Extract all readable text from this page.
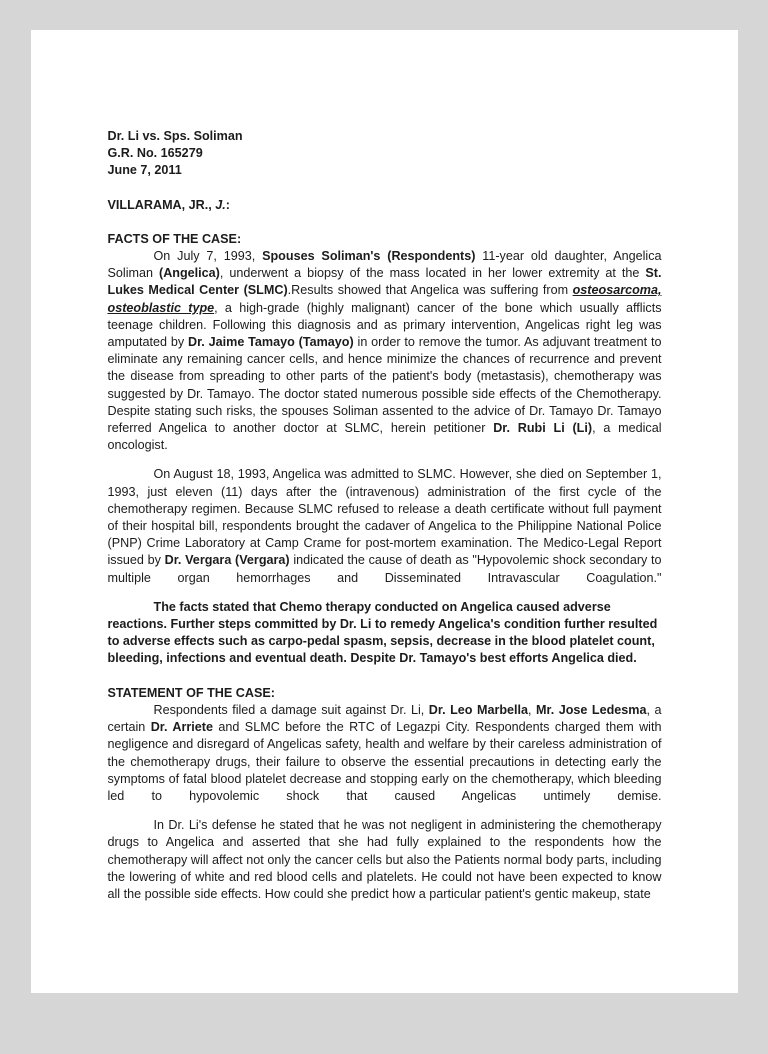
Dr. Li vs. Sps. Soliman

G.R. No. 165279

June 7, 2011

VILLARAMA, JR., J.:

FACTS OF THE CASE:

On July 7, 1993, Spouses Soliman's (Respondents) 11-year old daughter, Angelica Soliman (Angelica), underwent a biopsy of the mass located in her lower extremity at the St. Lukes Medical Center (SLMC).Results showed that Angelica was suffering from osteosarcoma, osteoblastic type, a high-grade (highly malignant) cancer of the bone which usually afflicts teenage children. Following this diagnosis and as primary intervention, Angelicas right leg was amputated by Dr. Jaime Tamayo (Tamayo) in order to remove the tumor. As adjuvant treatment to eliminate any remaining cancer cells, and hence minimize the chances of recurrence and prevent the disease from spreading to other parts of the patient's body (metastasis), chemotherapy was suggested by Dr. Tamayo. The doctor stated numerous possible side effects of the Chemotherapy. Despite stating such risks, the spouses Soliman assented to the advice of Dr. Tamayo Dr. Tamayo referred Angelica to another doctor at SLMC, herein petitioner Dr. Rubi Li (Li), a medical oncologist.

On August 18, 1993, Angelica was admitted to SLMC. However, she died on September 1, 1993, just eleven (11) days after the (intravenous) administration of the first cycle of the chemotherapy regimen. Because SLMC refused to release a death certificate without full payment of their hospital bill, respondents brought the cadaver of Angelica to the Philippine National Police (PNP) Crime Laboratory at Camp Crame for post-mortem examination. The Medico-Legal Report issued by Dr. Vergara (Vergara) indicated the cause of death as "Hypovolemic shock secondary to multiple organ hemorrhages and Disseminated Intravascular Coagulation."

The facts stated that Chemo therapy conducted on Angelica caused adverse reactions. Further steps committed by Dr. Li to remedy Angelica's condition further resulted to adverse effects such as carpo-pedal spasm, sepsis, decrease in the blood platelet count, bleeding, infections and eventual death. Despite Dr. Tamayo's best efforts Angelica died.

STATEMENT OF THE CASE:

Respondents filed a damage suit against Dr. Li, Dr. Leo Marbella, Mr. Jose Ledesma, a certain Dr. Arriete and SLMC before the RTC of Legazpi City. Respondents charged them with negligence and disregard of Angelicas safety, health and welfare by their careless administration of the chemotherapy drugs, their failure to observe the essential precautions in detecting early the symptoms of fatal blood platelet decrease and stopping early on the chemotherapy, which bleeding led to hypovolemic shock that caused Angelicas untimely demise.

In Dr. Li's defense he stated that he was not negligent in administering the chemotherapy drugs to Angelica and asserted that she had fully explained to the respondents how the chemotherapy will affect not only the cancer cells but also the Patients normal body parts, including the lowering of white and red blood cells and platelets. He could not have been expected to know all the possible side effects. How could she predict how a particular patient's gentic makeup, state
